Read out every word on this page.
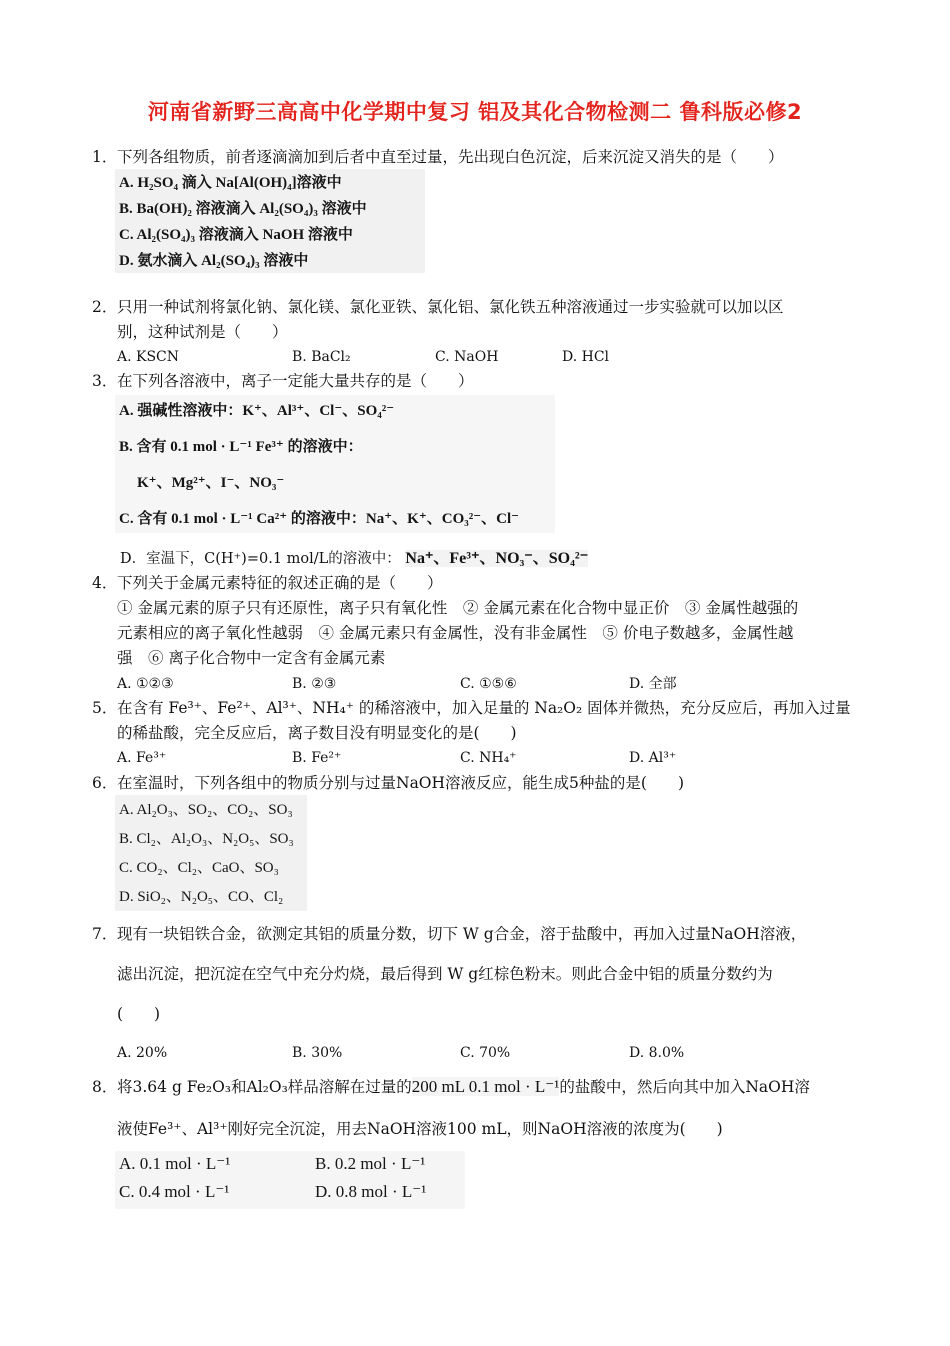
河南省新野三高高中化学期中复习 铝及其化合物检测二 鲁科版必修2
1．下列各组物质，前者逐滴滴加到后者中直至过量，先出现白色沉淀，后来沉淀又消失的是（　　）
A. H₂SO₄ 滴入 Na[Al(OH)₄]溶液中
B. Ba(OH)₂ 溶液滴入 Al₂(SO₄)₃ 溶液中
C. Al₂(SO₄)₃ 溶液滴入 NaOH 溶液中
D. 氨水滴入 Al₂(SO₄)₃ 溶液中
2．只用一种试剂将氯化钠、氯化镁、氯化亚铁、氯化铝、氯化铁五种溶液通过一步实验就可以加以区
别，这种试剂是（　　）
A. KSCN	B. BaCl₂	C. NaOH	D. HCl
3．在下列各溶液中，离子一定能大量共存的是（　　）
A. 强碱性溶液中：K⁺、Al³⁺、Cl⁻、SO₄²⁻
B. 含有 0.1 mol · L⁻¹ Fe³⁺ 的溶液中：
K⁺、Mg²⁺、I⁻、NO₃⁻
C. 含有 0.1 mol · L⁻¹ Ca²⁺ 的溶液中：Na⁺、K⁺、CO₃²⁻、Cl⁻
D．室温下，C(H⁺)=0.1 mol/L的溶液中： Na⁺、Fe³⁺、NO₃⁻、SO₄²⁻
4．下列关于金属元素特征的叙述正确的是（　　）
① 金属元素的原子只有还原性，离子只有氧化性　② 金属元素在化合物中显正价　③ 金属性越强的
元素相应的离子氧化性越弱　④ 金属元素只有金属性，没有非金属性　⑤ 价电子数越多，金属性越
强　⑥ 离子化合物中一定含有金属元素
A. ①②③	B. ②③	C. ①⑤⑥	D. 全部
5．在含有 Fe³⁺、Fe²⁺、Al³⁺、NH₄⁺ 的稀溶液中，加入足量的 Na₂O₂ 固体并微热，充分反应后，再加入过量
的稀盐酸，完全反应后，离子数目没有明显变化的是(　　)
A. Fe³⁺	B. Fe²⁺	C. NH₄⁺	D. Al³⁺
6．在室温时，下列各组中的物质分别与过量NaOH溶液反应，能生成5种盐的是(　　)
A. Al₂O₃、SO₂、CO₂、SO₃
B. Cl₂、Al₂O₃、N₂O₅、SO₃
C. CO₂、Cl₂、CaO、SO₃
D. SiO₂、N₂O₅、CO、Cl₂
7．现有一块铝铁合金，欲测定其铝的质量分数，切下 W g合金，溶于盐酸中，再加入过量NaOH溶液，
滤出沉淀，把沉淀在空气中充分灼烧，最后得到 W g红棕色粉末。则此合金中铝的质量分数约为
(　　)
A. 20%	B. 30%	C. 70%	D. 8.0%
8．将3.64 g Fe₂O₃和Al₂O₃样品溶解在过量的200 mL 0.1 mol · L⁻¹的盐酸中，然后向其中加入NaOH溶
液使Fe³⁺、Al³⁺刚好完全沉淀，用去NaOH溶液100 mL，则NaOH溶液的浓度为(　　)
A. 0.1 mol · L⁻¹	B. 0.2 mol · L⁻¹
C. 0.4 mol · L⁻¹	D. 0.8 mol · L⁻¹
